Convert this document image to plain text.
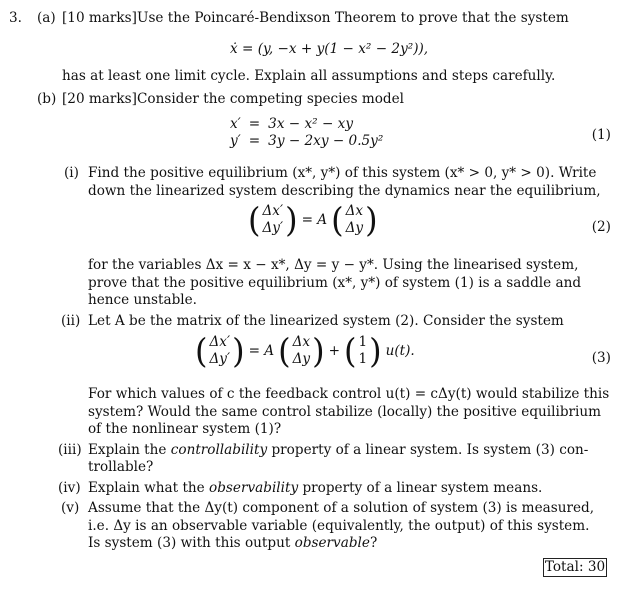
3. (a) [10 marks] Use the Poincaré-Bendixson Theorem to prove that the system
ẋ = (y, −x + y(1 − x² − 2y²)),
has at least one limit cycle. Explain all assumptions and steps carefully.
(b) [20 marks] Consider the competing species model
x′	=	3x − x² − xy
y′	=	3y − 2xy − 0.5y²	(1)
(i) Find the positive equilibrium (x*, y*) of this system (x* > 0, y* > 0). Write
down the linearized system describing the dynamics near the equilibrium,
( Δx′
Δy′ ) = A ( Δx
Δy )	(2)
for the variables Δx = x − x*, Δy = y − y*. Using the linearised system,
prove that the positive equilibrium (x*, y*) of system (1) is a saddle and
hence unstable.
(ii) Let A be the matrix of the linearized system (2). Consider the system
( Δx′
Δy′ ) = A ( Δx
Δy ) + ( 1
1 ) u(t).	(3)
For which values of c the feedback control u(t) = cΔy(t) would stabilize this
system? Would the same control stabilize (locally) the positive equilibrium
of the nonlinear system (1)?
(iii) Explain the controllability property of a linear system. Is system (3) con-
trollable?
(iv) Explain what the observability property of a linear system means.
(v) Assume that the Δy(t) component of a solution of system (3) is measured,
i.e. Δy is an observable variable (equivalently, the output) of this system.
Is system (3) with this output observable?
Total: 30
